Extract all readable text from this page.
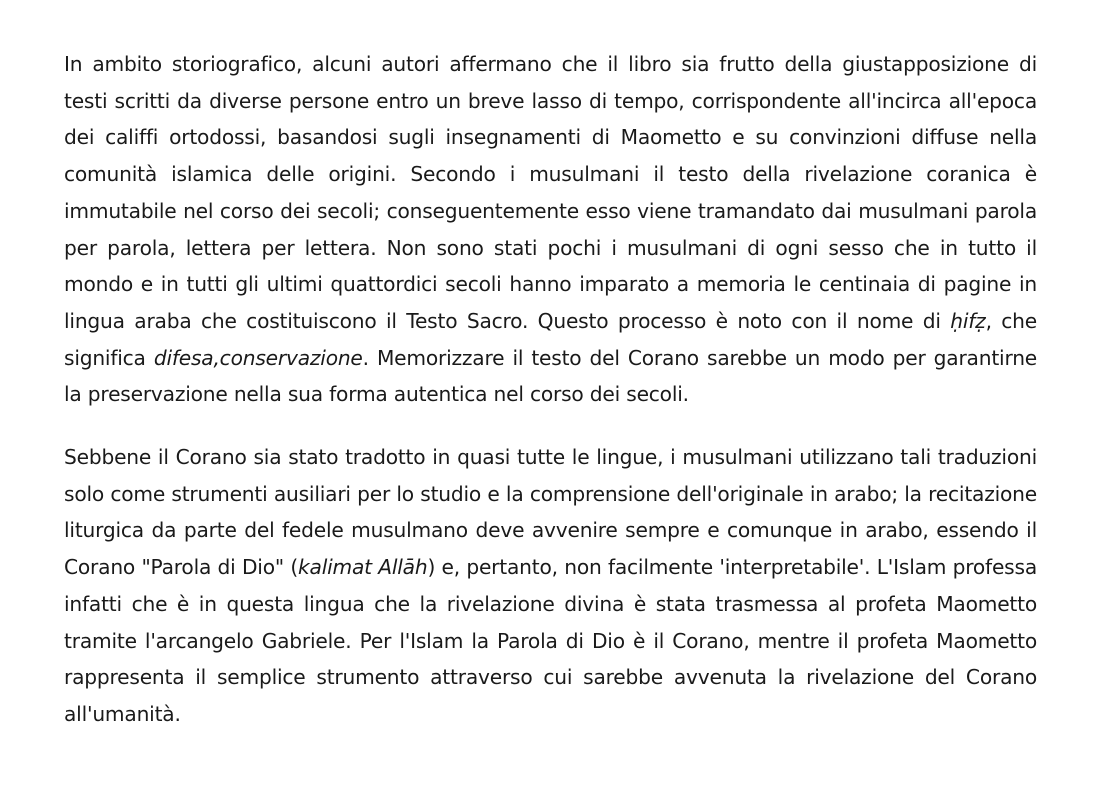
In ambito storiografico, alcuni autori affermano che il libro sia frutto della giustapposizione di testi scritti da diverse persone entro un breve lasso di tempo, corrispondente all'incirca all'epoca dei califfi ortodossi, basandosi sugli insegnamenti di Maometto e su convinzioni diffuse nella comunità islamica delle origini. Secondo i musulmani il testo della rivelazione coranica è immutabile nel corso dei secoli; conseguentemente esso viene tramandato dai musulmani parola per parola, lettera per lettera. Non sono stati pochi i musulmani di ogni sesso che in tutto il mondo e in tutti gli ultimi quattordici secoli hanno imparato a memoria le centinaia di pagine in lingua araba che costituiscono il Testo Sacro. Questo processo è noto con il nome di ḥifẓ, che significa difesa,conservazione. Memorizzare il testo del Corano sarebbe un modo per garantirne la preservazione nella sua forma autentica nel corso dei secoli.

Sebbene il Corano sia stato tradotto in quasi tutte le lingue, i musulmani utilizzano tali traduzioni solo come strumenti ausiliari per lo studio e la comprensione dell'originale in arabo; la recitazione liturgica da parte del fedele musulmano deve avvenire sempre e comunque in arabo, essendo il Corano "Parola di Dio" (kalimat Allāh) e, pertanto, non facilmente 'interpretabile'. L'Islam professa infatti che è in questa lingua che la rivelazione divina è stata trasmessa al profeta Maometto tramite l'arcangelo Gabriele. Per l'Islam la Parola di Dio è il Corano, mentre il profeta Maometto rappresenta il semplice strumento attraverso cui sarebbe avvenuta la rivelazione del Corano all'umanità.
